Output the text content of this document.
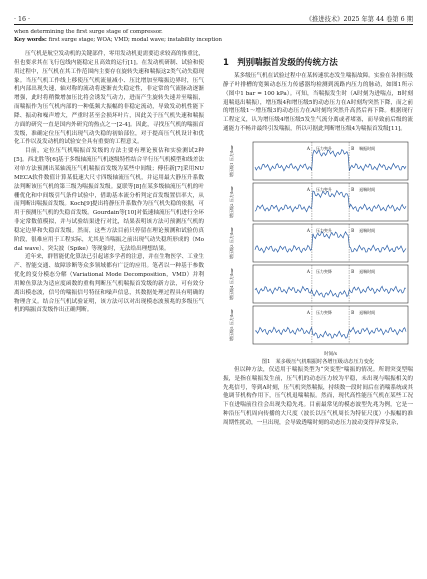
· 16 ·	《推进技术》2025 年第 44 卷第 6 期
when determining the first surge stage of compressor.
Key words: first surge stage; WOA; VMD; modal wave; instability inception

压气机是航空发动机的关键部件，零用发动机更需要追求较高的推重比，但也要求其在飞行包线内能稳定且高效的运行[1]。在发动机研制、试验和使用过程中，压气机在其工作范围内主要存在旋转失速和喘振这2类气动失稳现象。当压气机工作线上移使压气机流量减小、压比增加至喘振边界时，压气机内部出现失速，轴对称的流动将逐渐丧失稳定性，非定常的气流脉动逐渐增强，此时将稍微增加压比将会诱发气动力，进而产生旋转失速并至喘振，而喘振作为压气机内部的一种低频大振幅的非稳定流动，导致发动机性能下降、振动和噪声增大，严重时甚至会损坏叶片，因此关于压气机失速和喘振方面的研究一直是国内外研究的热点之一[2-4]。因此，寻找压气机的喘振首发级，准确定位压气机出现气动失稳的初始部位，对于提高压气机设计和优化工作以及发动机的试验安全具有重要的工程意义。

目前，定位压气机喘振首发级的方法主要有理论预估和实验测试2种[5]。西北胜等[6]基于多级轴流压气机逐级特性结合平行压气机模型和线差法对单方法预测出某轴流压气机喘振首发级为某些中间级；傅佳新[7]采用NUMECA软件数值计算某低速大尺寸四级轴流压气机，并运用最大静压升系数法判断该压气机的第三级为喘振首发级。夏联等[8]在某多级轴流压气机的叶栅优化和中间级引气条件试验中，借助基本流分析判定首发级置信率大，从而判断出喘振首发级。Koch[9]提出将静压升系数作为压气机失稳的依据，可用于预测压气机的失稳首发级。Gourdain等[10]对低速轴流压气机进行全环非定常数值模拟，并与试验结果进行对比，结果表明该方法可预测压气机的稳定边界和失稳首发级。然而，这些方法目前只停留在理论预测和试验仿真阶段，很难应用于工程实际，尤其是当喘振之前出现气动失稳所形成的（Modal wave）、突尖波（Spike）等现象时，无法给出理想结果。

近年来，群智能优化算法已引起诸多学者的注意，并在生物医学、工业生产、智能交通、故障诊断等众多领域都有广泛的应用。笔者以一种基于参数优化的变分模态分解（Variational Mode Decomposition，VMD）并利用鲸鱼算法为适应度函数的重构判断压气机喘振首发级的新方法，可有效分离出模态波，信号的喘振信号特征和噪声信息，其数据处理过程具有明确的物理含义。结合压气机试验证明，该方法可以对出现模态波预兆的多级压气机的喘振首发级作出正确判断。

1　判别喘振首发级的传统方法

某多级压气机在试验过程中在某转速状态发生喘振故障。实验在各排压级静子叶排槽的宽频动态压力传感器均检测到流路内压力的脉动，如图1所示（图中1 bar = 100 kPa）。可知，当喘振发生时（A时刻为进喘点，B时刻退喘退出喘振），增压级4和增压级5的动态压力在A时刻均突然下降，而之前的增压级1～增压级3的动态压力在A时刻均突然升高然后再下降。根据现行工程定义，认为增压级4增压级5发生气流分离或者堵塞，而导致前后级的流通能力不畅并最终引发喘振，所以可据此判断增压级4为喘振首发级[11]。

增压级1 压力/bar	A	B
压力突升	喘振时间
增压级2 压力/bar	A	B
压力突升	退喘时间
增压级3 压力/bar	A	B
压力突升	退喘时间
增压级4 压力/bar	A	B
压力突降	退喘时间
增压级5 压力/bar	A	B
压力突降	退喘时间
时间/s

图1　某多级压气机喘振时各增压级动态压力变化

但以种方法，仅适用于喘振类型为“突变型”喘振的情况。所谓突变型喘振，是指在喘振发生前，压气机的动态压力较为平稳，未出现与喘振相关的先兆信号，等到A时刻，压气机突然喘振，持续数一段时间后在消喘系统或其他调节机构作用下，压气机退喘喘振。然而，现代高性能压气机在某些工况下在进喘前往往会出现失稳先兆。目前最常见的模态波型先兆为例，它是一种沿压气机周向传播的大尺度（波长以压气机周长为特征尺度）小振幅的准周期性扰动，一旦出现，会导致透喘时刻的动态压力波动变得异常复杂，
